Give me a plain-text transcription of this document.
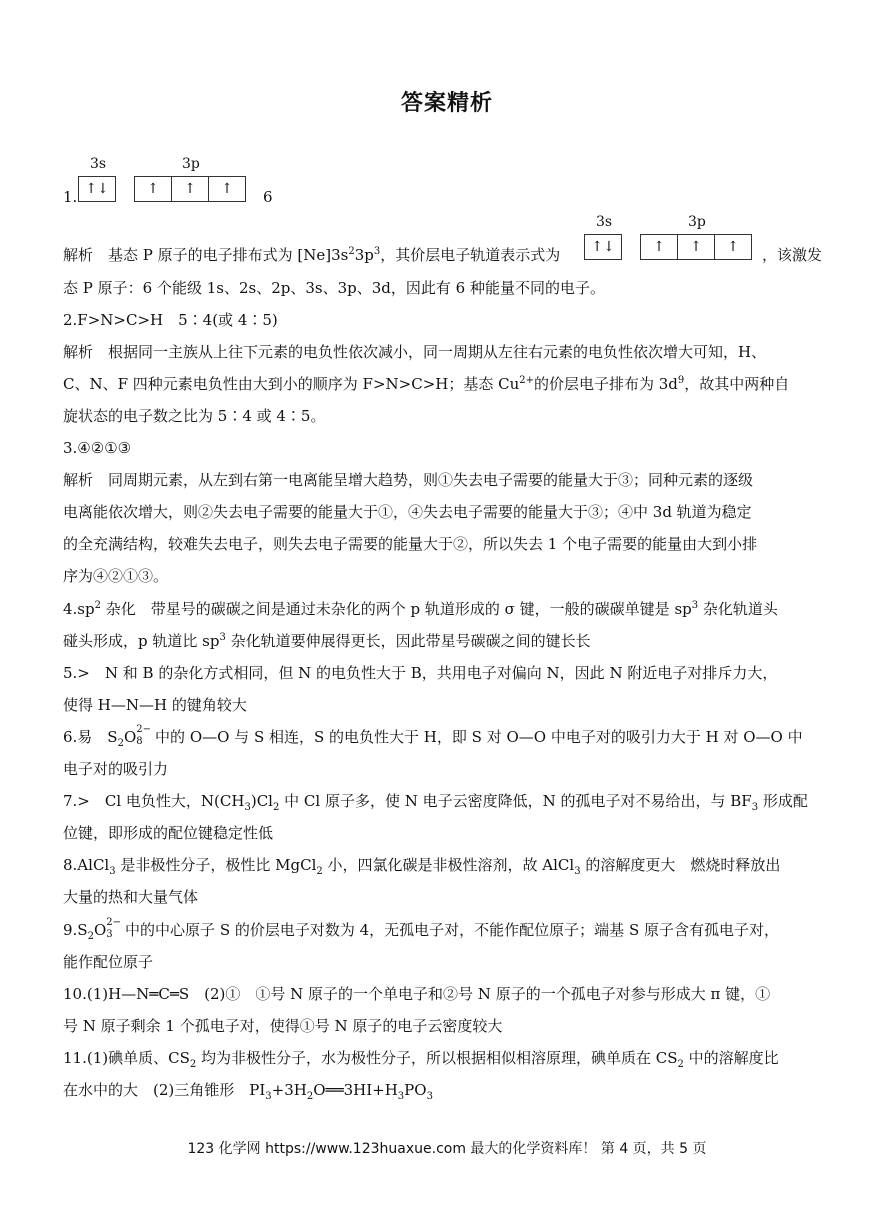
答案精析
3s	3p
↑↓	↑	↑	↑
1.	6
解析　基态 P 原子的电子排布式为 $[Ne]3s^23p^3$，其价层电子轨道表示式为
3s	3p
↑↓	↑	↑	↑	，该激发
态 P 原子：6 个能级 1s、2s、2p、3s、3p、3d，因此有 6 种能量不同的电子。
2.F>N>C>H　5∶4(或 4∶5)
解析　根据同一主族从上往下元素的电负性依次减小，同一周期从左往右元素的电负性依次增大可知，H、
C、N、F 四种元素电负性由大到小的顺序为 F>N>C>H；基态 $Cu^{2+}$的价层电子排布为 $3d^9$，故其中两种自
旋状态的电子数之比为 5∶4 或 4∶5。
3.④②①③
解析　同周期元素，从左到右第一电离能呈增大趋势，则①失去电子需要的能量大于③；同种元素的逐级
电离能依次增大，则②失去电子需要的能量大于①，④失去电子需要的能量大于③；④中 3d 轨道为稳定
的全充满结构，较难失去电子，则失去电子需要的能量大于②，所以失去 1 个电子需要的能量由大到小排
序为④②①③。
$4.sp^2$ 杂化　带星号的碳碳之间是通过未杂化的两个 p 轨道形成的 σ 键，一般的碳碳单键是 $sp^3$ 杂化轨道头
碰头形成，p 轨道比 $sp^3$ 杂化轨道要伸展得更长，因此带星号碳碳之间的键长长
5.>　N 和 B 的杂化方式相同，但 N 的电负性大于 B，共用电子对偏向 N，因此 N 附近电子对排斥力大，
使得 H—N—H 的键角较大
6.易　$S_2O$ 2−
8 中的 O—O 与 S 相连，S 的电负性大于 H，即 S 对 O—O 中电子对的吸引力大于 H 对 O—O 中
电子对的吸引力
7.>　Cl 电负性大，$N(CH_3)Cl_2$ 中 Cl 原子多，使 N 电子云密度降低，N 的孤电子对不易给出，与 $BF_3$ 形成配
位键，即形成的配位键稳定性低
8.AlCl$_3$ 是非极性分子，极性比 MgCl$_2$ 小，四氯化碳是非极性溶剂，故 AlCl$_3$ 的溶解度更大　燃烧时释放出
大量的热和大量气体
$9.S_2O$ 2−
3 中的中心原子 S 的价层电子对数为 4，无孤电子对，不能作配位原子；端基 S 原子含有孤电子对，
能作配位原子
10.(1)H—N═C═S　(2)①　①号 N 原子的一个单电子和②号 N 原子的一个孤电子对参与形成大 π 键，①
号 N 原子剩余 1 个孤电子对，使得①号 N 原子的电子云密度较大
11.(1)碘单质、$CS_2$ 均为非极性分子，水为极性分子，所以根据相似相溶原理，碘单质在 $CS_2$ 中的溶解度比
在水中的大　(2)三角锥形　$PI_3+3H_2O══3HI+H_3PO_3$
123 化学网 https://www.123huaxue.com 最大的化学资料库！ 第 4 页，共 5 页
